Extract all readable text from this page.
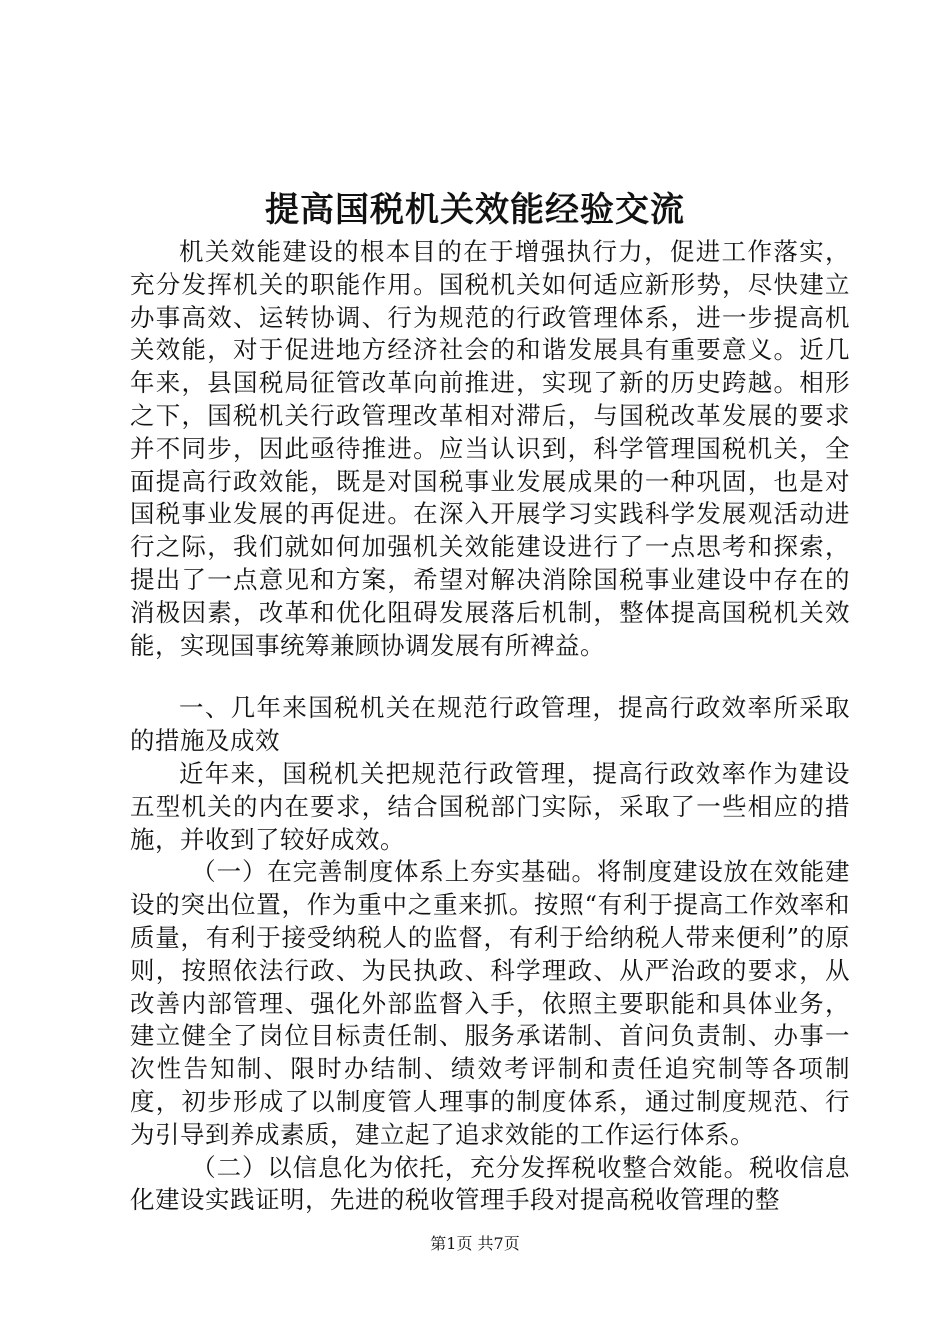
提高国税机关效能经验交流

机关效能建设的根本目的在于增强执行力，促进工作落实，充分发挥机关的职能作用。国税机关如何适应新形势，尽快建立办事高效、运转协调、行为规范的行政管理体系，进一步提高机关效能，对于促进地方经济社会的和谐发展具有重要意义。近几年来，县国税局征管改革向前推进，实现了新的历史跨越。相形之下，国税机关行政管理改革相对滞后，与国税改革发展的要求并不同步，因此亟待推进。应当认识到，科学管理国税机关，全面提高行政效能，既是对国税事业发展成果的一种巩固，也是对国税事业发展的再促进。在深入开展学习实践科学发展观活动进行之际，我们就如何加强机关效能建设进行了一点思考和探索，提出了一点意见和方案，希望对解决消除国税事业建设中存在的消极因素，改革和优化阻碍发展落后机制，整体提高国税机关效能，实现国事统筹兼顾协调发展有所裨益。

一、几年来国税机关在规范行政管理，提高行政效率所采取的措施及成效

近年来，国税机关把规范行政管理，提高行政效率作为建设五型机关的内在要求，结合国税部门实际，采取了一些相应的措施，并收到了较好成效。

（一）在完善制度体系上夯实基础。将制度建设放在效能建设的突出位置，作为重中之重来抓。按照“有利于提高工作效率和质量，有利于接受纳税人的监督，有利于给纳税人带来便利”的原则，按照依法行政、为民执政、科学理政、从严治政的要求，从改善内部管理、强化外部监督入手，依照主要职能和具体业务，建立健全了岗位目标责任制、服务承诺制、首问负责制、办事一次性告知制、限时办结制、绩效考评制和责任追究制等各项制度，初步形成了以制度管人理事的制度体系，通过制度规范、行为引导到养成素质，建立起了追求效能的工作运行体系。

（二）以信息化为依托，充分发挥税收整合效能。税收信息化建设实践证明，先进的税收管理手段对提高税收管理的整

第1页 共7页
